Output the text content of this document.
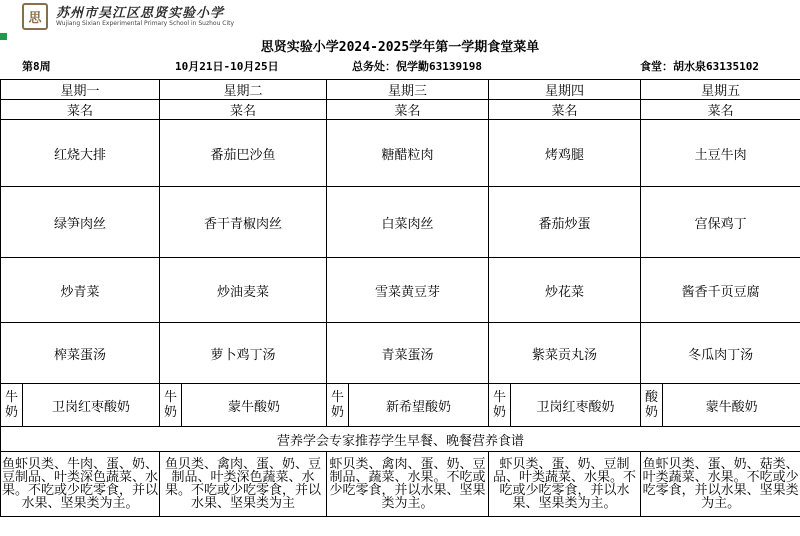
思	苏州市吴江区思贤实验小学
Wujiang Sixian Experimental Primary School in Suzhou City
思贤实验小学2024-2025学年第一学期食堂菜单
第8周	10月21日-10月25日	总务处：倪学勤63139198	食堂：胡水泉63135102
星期一		星期二		星期三		星期四		星期五	
菜名		菜名		菜名		菜名		菜名	
红烧大排		番茄巴沙鱼		糖醋粒肉		烤鸡腿		土豆牛肉	
绿笋肉丝		香干青椒肉丝		白菜肉丝		番茄炒蛋		宫保鸡丁	
炒青菜		炒油麦菜		雪菜黄豆芽		炒花菜		酱香千页豆腐	
榨菜蛋汤		萝卜鸡丁汤		青菜蛋汤		紫菜贡丸汤		冬瓜肉丁汤	
牛奶	卫岗红枣酸奶	牛奶	蒙牛酸奶	牛奶	新希望酸奶	牛奶	卫岗红枣酸奶	酸奶	蒙牛酸奶
营养学会专家推荐学生早餐、晚餐营养食谱									
鱼虾贝类、牛肉、蛋、奶、豆制品、叶类深色蔬菜、水果。不吃或少吃零食，并以水果、坚果类为主。		鱼贝类、禽肉、蛋、奶、豆制品、叶类深色蔬菜、水果。不吃或少吃零食，并以水果、坚果类为主		虾贝类、禽肉、蛋、奶、豆制品、蔬菜、水果。不吃或少吃零食，并以水果、坚果类为主。		虾贝类、蛋、奶、豆制品、叶类蔬菜、水果。不吃或少吃零食，并以水果、坚果类为主。		鱼虾贝类、蛋、奶、菇类、叶类蔬菜、水果。不吃或少吃零食，并以水果、坚果类为主。	
